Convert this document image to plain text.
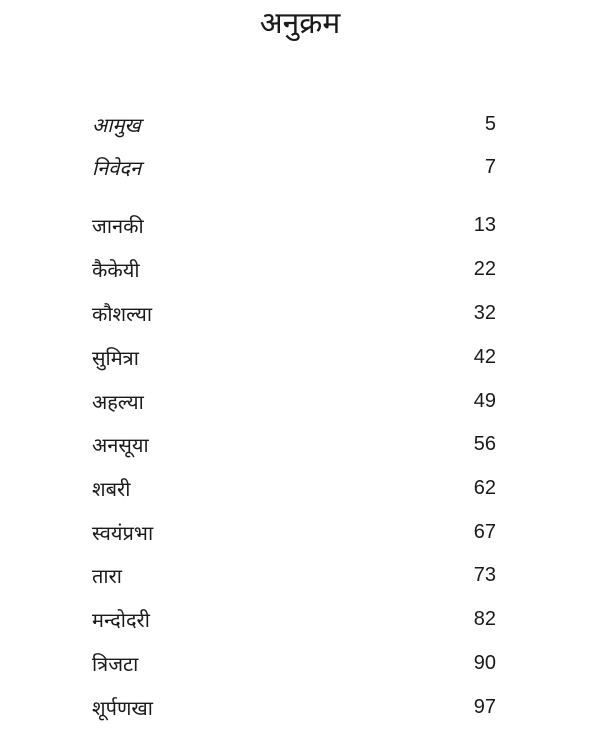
अनुक्रम
आमुख	5
निवेदन	7
जानकी	13
कैकेयी	22
कौशल्या	32
सुमित्रा	42
अहल्या	49
अनसूया	56
शबरी	62
स्वयंप्रभा	67
तारा	73
मन्दोदरी	82
त्रिजटा	90
शूर्पणखा	97
